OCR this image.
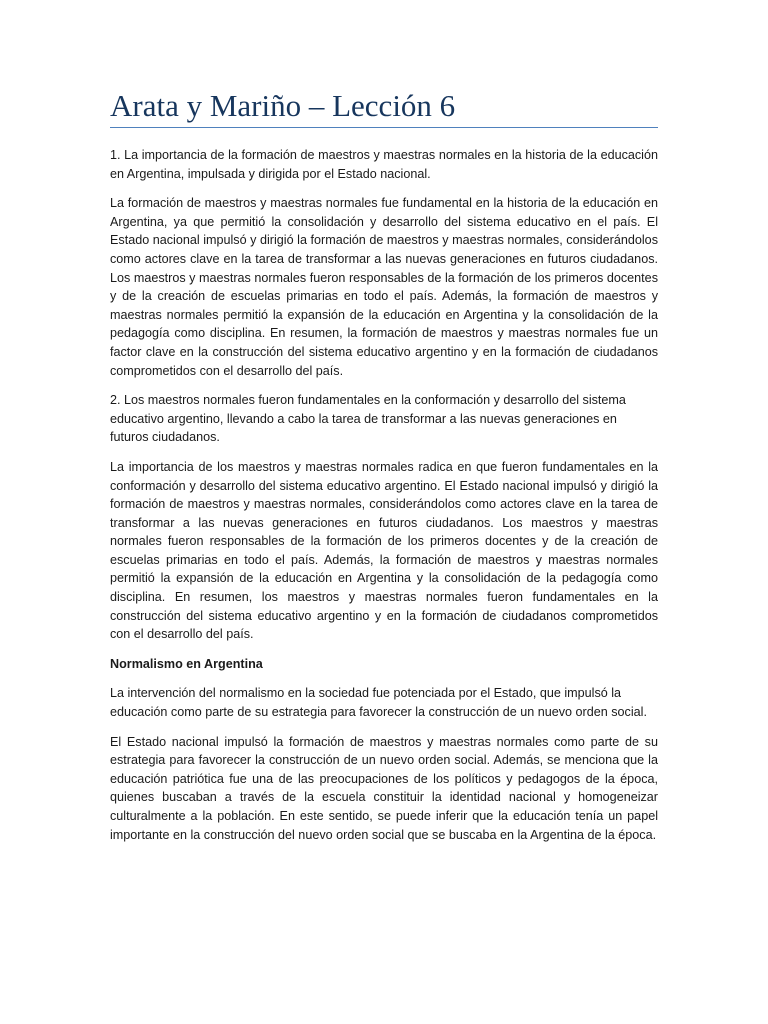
Arata y Mariño – Lección 6

1. La importancia de la formación de maestros y maestras normales en la historia de la educación en Argentina, impulsada y dirigida por el Estado nacional.

La formación de maestros y maestras normales fue fundamental en la historia de la educación en Argentina, ya que permitió la consolidación y desarrollo del sistema educativo en el país. El Estado nacional impulsó y dirigió la formación de maestros y maestras normales, considerándolos como actores clave en la tarea de transformar a las nuevas generaciones en futuros ciudadanos. Los maestros y maestras normales fueron responsables de la formación de los primeros docentes y de la creación de escuelas primarias en todo el país. Además, la formación de maestros y maestras normales permitió la expansión de la educación en Argentina y la consolidación de la pedagogía como disciplina. En resumen, la formación de maestros y maestras normales fue un factor clave en la construcción del sistema educativo argentino y en la formación de ciudadanos comprometidos con el desarrollo del país.

2. Los maestros normales fueron fundamentales en la conformación y desarrollo del sistema educativo argentino, llevando a cabo la tarea de transformar a las nuevas generaciones en futuros ciudadanos.

La importancia de los maestros y maestras normales radica en que fueron fundamentales en la conformación y desarrollo del sistema educativo argentino. El Estado nacional impulsó y dirigió la formación de maestros y maestras normales, considerándolos como actores clave en la tarea de transformar a las nuevas generaciones en futuros ciudadanos. Los maestros y maestras normales fueron responsables de la formación de los primeros docentes y de la creación de escuelas primarias en todo el país. Además, la formación de maestros y maestras normales permitió la expansión de la educación en Argentina y la consolidación de la pedagogía como disciplina. En resumen, los maestros y maestras normales fueron fundamentales en la construcción del sistema educativo argentino y en la formación de ciudadanos comprometidos con el desarrollo del país.

Normalismo en Argentina

La intervención del normalismo en la sociedad fue potenciada por el Estado, que impulsó la educación como parte de su estrategia para favorecer la construcción de un nuevo orden social.

El Estado nacional impulsó la formación de maestros y maestras normales como parte de su estrategia para favorecer la construcción de un nuevo orden social. Además, se menciona que la educación patriótica fue una de las preocupaciones de los políticos y pedagogos de la época, quienes buscaban a través de la escuela constituir la identidad nacional y homogeneizar culturalmente a la población. En este sentido, se puede inferir que la educación tenía un papel importante en la construcción del nuevo orden social que se buscaba en la Argentina de la época.
